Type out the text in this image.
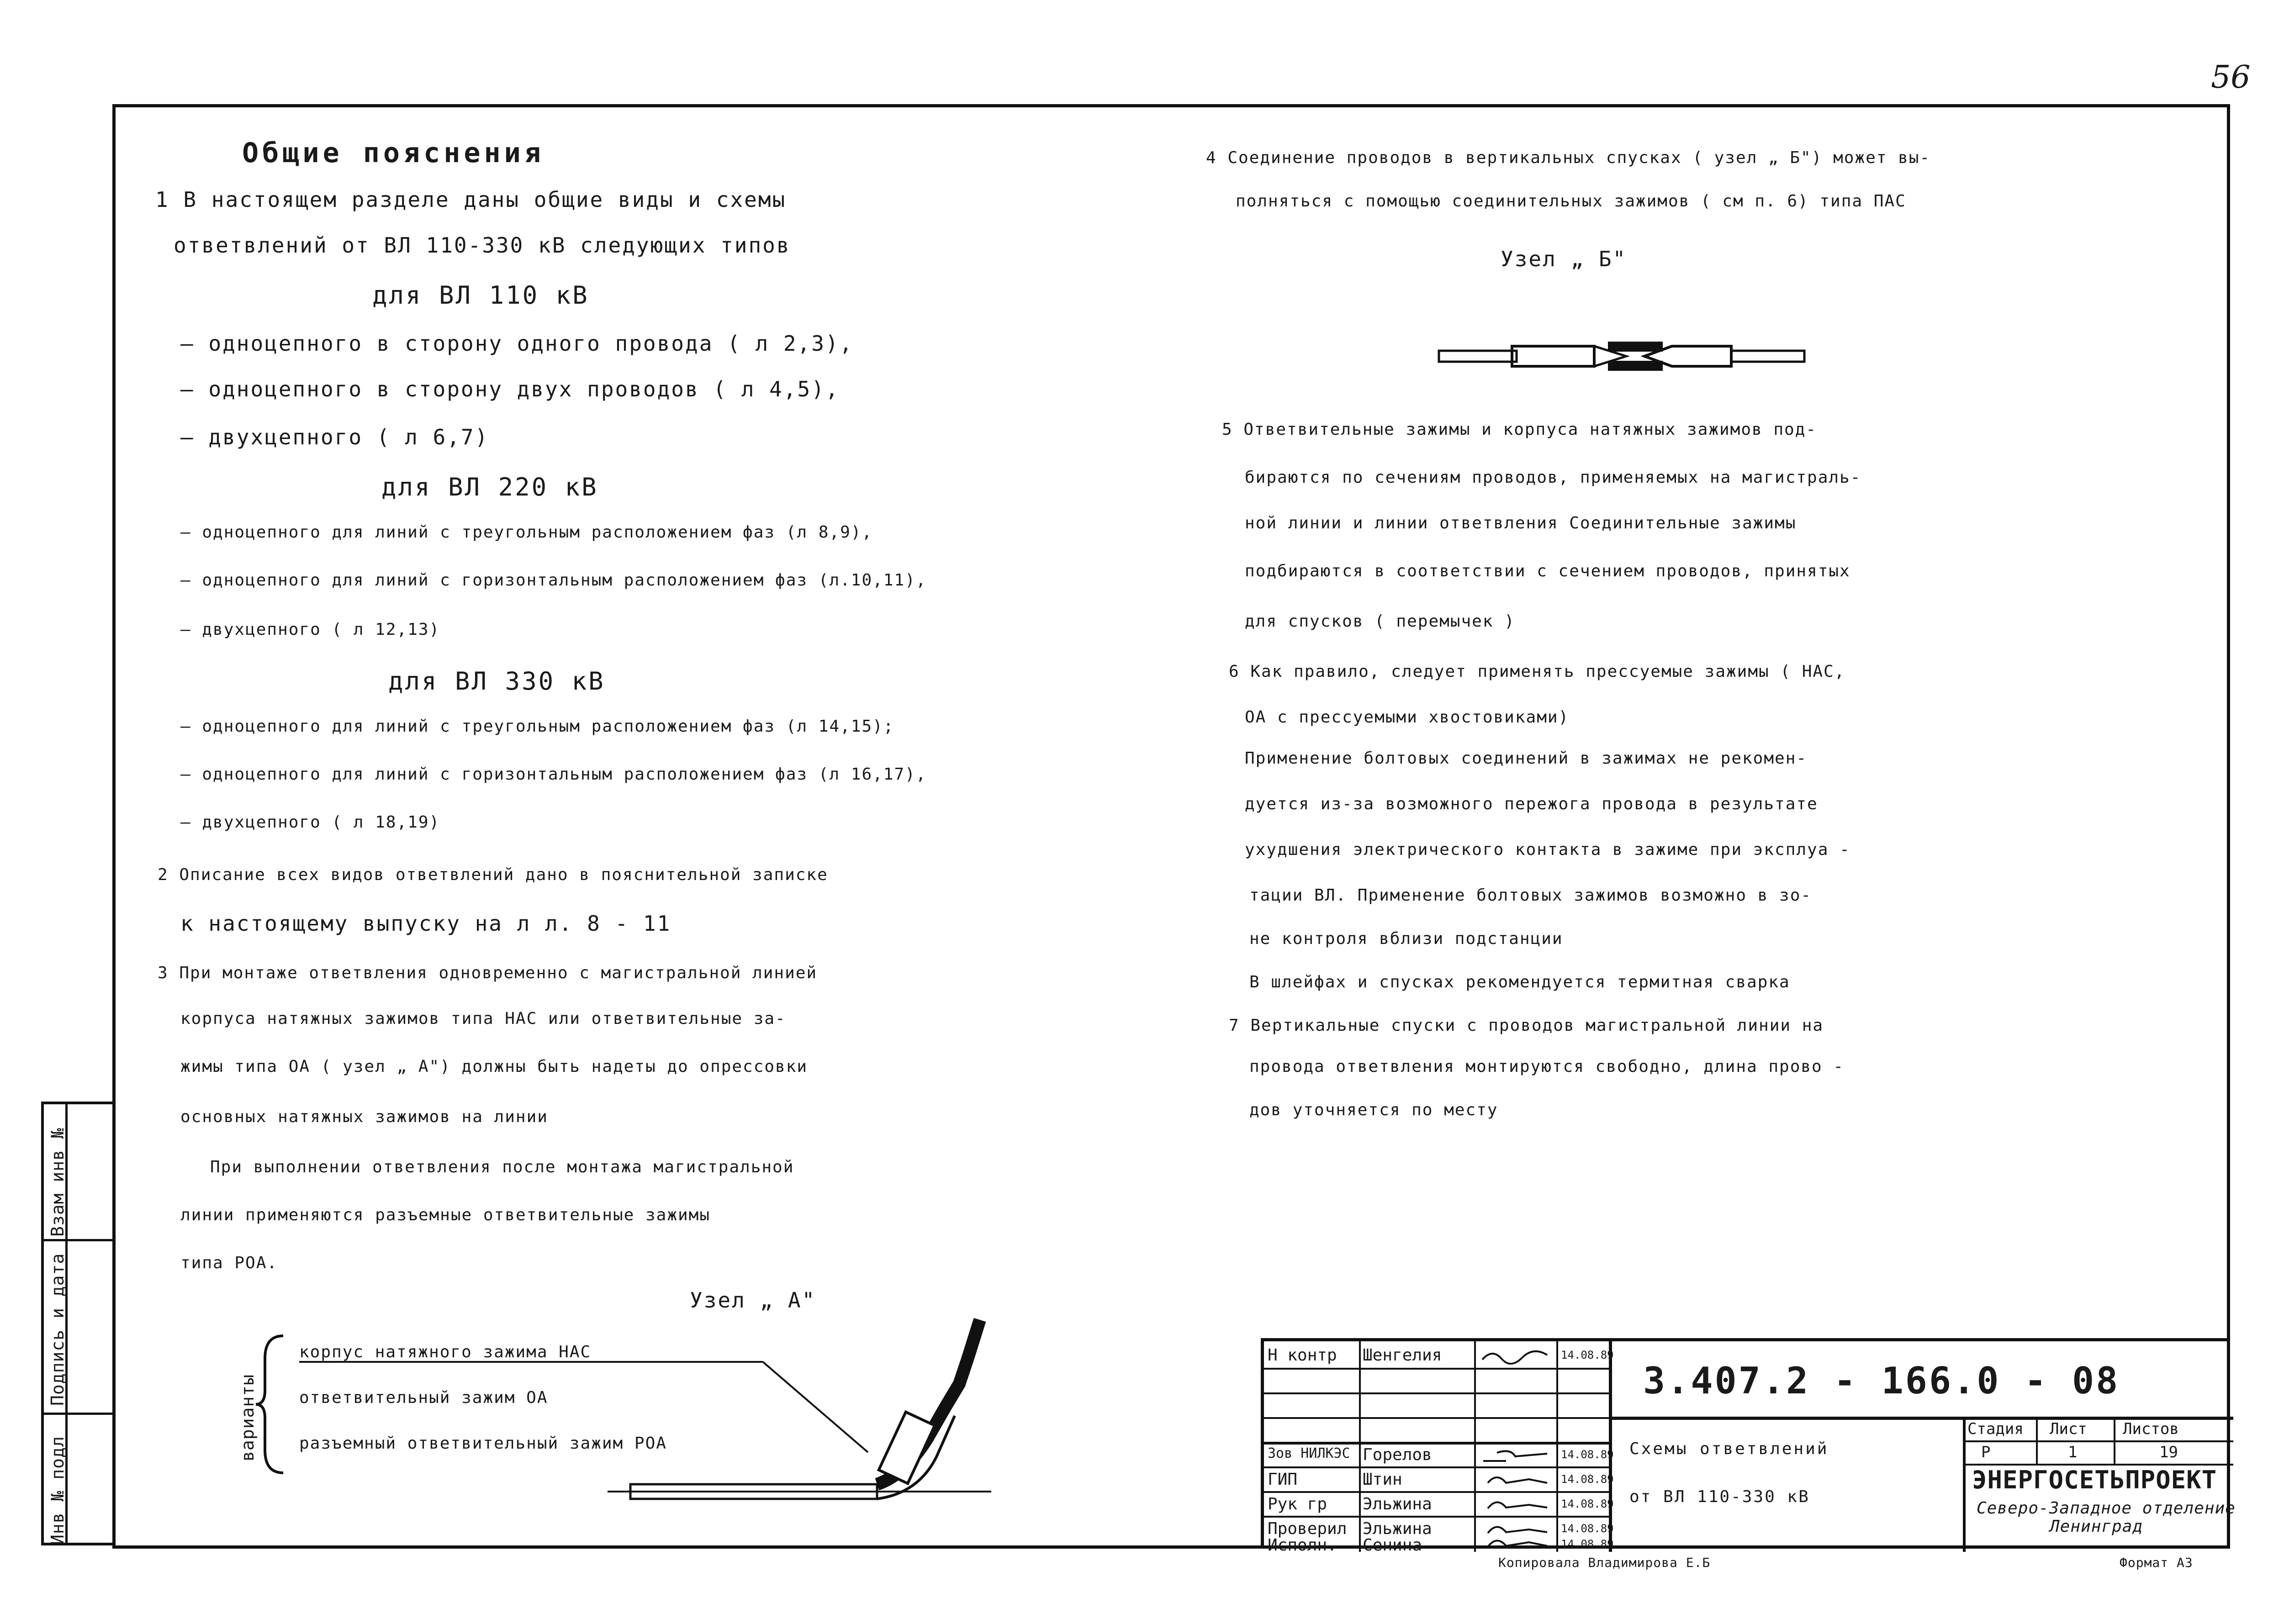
56
Общие пояснения
1 В настоящем разделе даны общие виды и схемы
ответвлений от ВЛ 110-330 кВ следующих типов
для ВЛ 110 кВ
— одноцепного в сторону одного провода ( л 2,3),
— одноцепного в сторону двух проводов ( л 4,5),
— двухцепного ( л 6,7)
для ВЛ 220 кВ
— одноцепного для линий с треугольным расположением фаз (л 8,9),
— одноцепного для линий с горизонтальным расположением фаз (л.10,11),
— двухцепного ( л 12,13)
для ВЛ 330 кВ
— одноцепного для линий с треугольным расположением фаз (л 14,15);
— одноцепного для линий с горизонтальным расположением фаз (л 16,17),
— двухцепного ( л 18,19)
2 Описание всех видов ответвлений дано в пояснительной записке
к настоящему выпуску на л л. 8 - 11
3 При монтаже ответвления одновременно с магистральной линией
корпуса натяжных зажимов типа НАС или ответвительные за-
жимы типа ОА ( узел „ А") должны быть надеты до опрессовки
основных натяжных зажимов на линии
При выполнении ответвления после монтажа магистральной
линии применяются разъемные ответвительные зажимы
типа РОА.
Узел „ А"
варианты
корпус натяжного зажима НАС
ответвительный зажим ОА
разъемный ответвительный зажим РОА
4 Соединение проводов в вертикальных спусках ( узел „ Б") может вы-
полняться с помощью соединительных зажимов ( см п. 6) типа ПАС
Узел „ Б"
5 Ответвительные зажимы и корпуса натяжных зажимов под-
бираются по сечениям проводов, применяемых на магистраль-
ной линии и линии ответвления Соединительные зажимы
подбираются в соответствии с сечением проводов, принятых
для спусков ( перемычек )
6 Как правило, следует применять прессуемые зажимы ( НАС,
ОА с прессуемыми хвостовиками)
Применение болтовых соединений в зажимах не рекомен-
дуется из-за возможного пережога провода в результате
ухудшения электрического контакта в зажиме при эксплуа -
тации ВЛ. Применение болтовых зажимов возможно в зо-
не контроля вблизи подстанции
В шлейфах и спусках рекомендуется термитная сварка
7 Вертикальные спуски с проводов магистральной линии на
провода ответвления монтируются свободно, длина прово -
дов уточняется по месту
Инв № подл
Подпись и дата
Взам инв №
Н контр Шенгелия	14.08.89
Зов НИЛКЭС Горелов	14.08.89
ГИП	Штин	14.08.89
Рук гр Эльжина	14.08.89
Проверил Эльжина	14.08.89
Исполн. Сенина	14.08.89
3.407.2 - 166.0 - 08
Схемы ответвлений
от ВЛ 110-330 кВ
Стадия Лист Листов
Р	1	19
ЭНЕРГОСЕТЬПРОЕКТ
Северо-Западное отделение
Ленинград
Копировала Владимирова Е.Б	Формат А3
